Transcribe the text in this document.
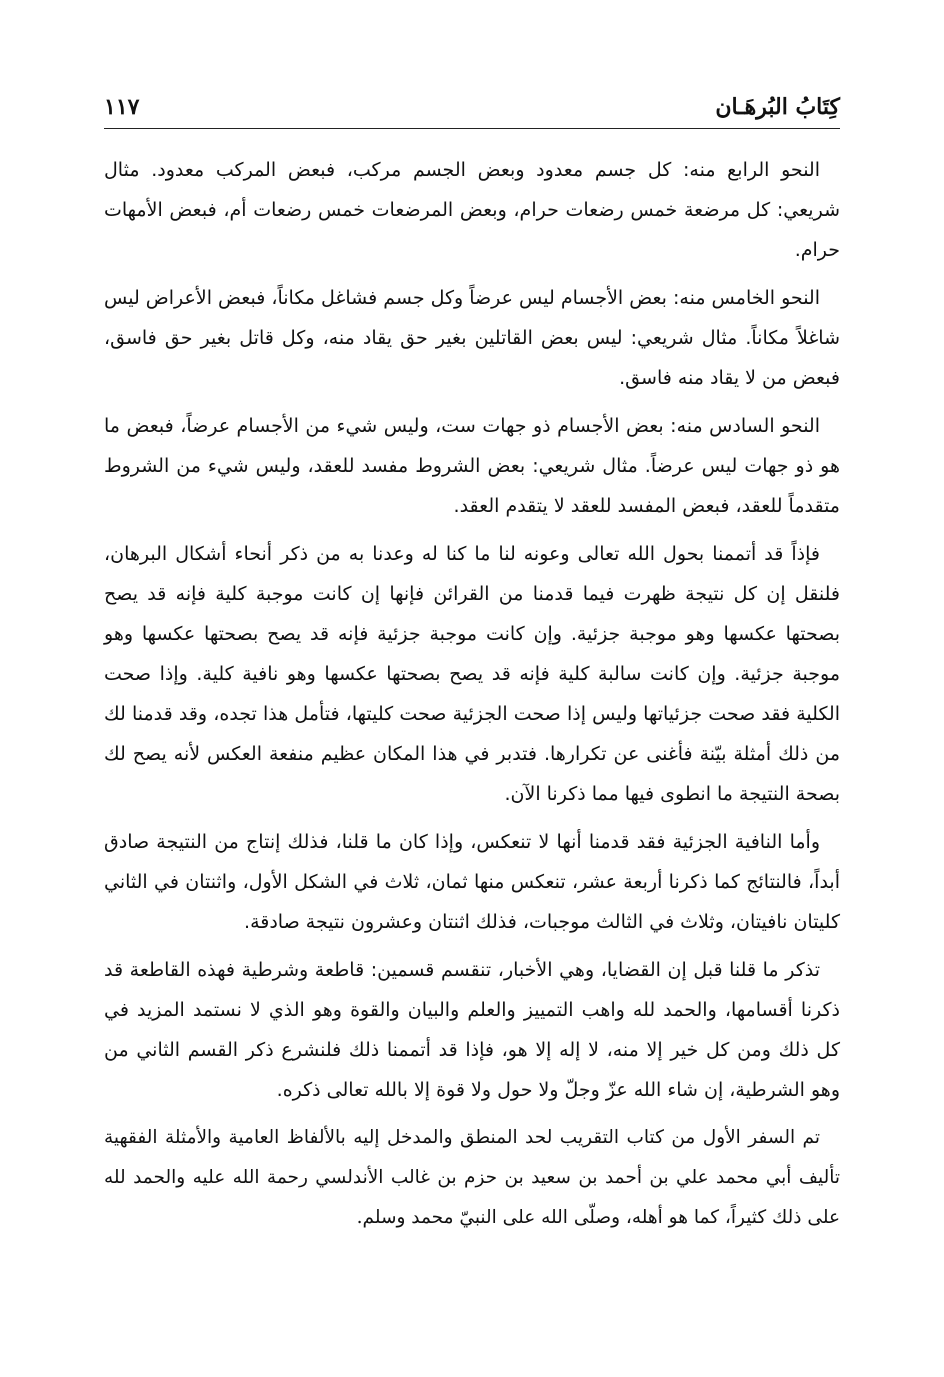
كِتَابُ البُرهَـان
١١٧

النحو الرابع منه: كل جسم معدود وبعض الجسم مركب، فبعض المركب معدود. مثال شريعي: كل مرضعة خمس رضعات حرام، وبعض المرضعات خمس رضعات أم، فبعض الأمهات حرام.

النحو الخامس منه: بعض الأجسام ليس عرضاً وكل جسم فشاغل مكاناً، فبعض الأعراض ليس شاغلاً مكاناً. مثال شريعي: ليس بعض القاتلين بغير حق يقاد منه، وكل قاتل بغير حق فاسق، فبعض من لا يقاد منه فاسق.

النحو السادس منه: بعض الأجسام ذو جهات ست، وليس شيء من الأجسام عرضاً، فبعض ما هو ذو جهات ليس عرضاً. مثال شريعي: بعض الشروط مفسد للعقد، وليس شيء من الشروط متقدماً للعقد، فبعض المفسد للعقد لا يتقدم العقد.

فإذاً قد أتممنا بحول الله تعالى وعونه لنا ما كنا له وعدنا به من ذكر أنحاء أشكال البرهان، فلنقل إن كل نتيجة ظهرت فيما قدمنا من القرائن فإنها إن كانت موجبة كلية فإنه قد يصح بصحتها عكسها وهو موجبة جزئية. وإن كانت موجبة جزئية فإنه قد يصح بصحتها عكسها وهو موجبة جزئية. وإن كانت سالبة كلية فإنه قد يصح بصحتها عكسها وهو نافية كلية. وإذا صحت الكلية فقد صحت جزئياتها وليس إذا صحت الجزئية صحت كليتها، فتأمل هذا تجده، وقد قدمنا لك من ذلك أمثلة بيّنة فأغنى عن تكرارها. فتدبر في هذا المكان عظيم منفعة العكس لأنه يصح لك بصحة النتيجة ما انطوى فيها مما ذكرنا الآن.

وأما النافية الجزئية فقد قدمنا أنها لا تنعكس، وإذا كان ما قلنا، فذلك إنتاج من النتيجة صادق أبداً، فالنتائج كما ذكرنا أربعة عشر، تنعكس منها ثمان، ثلاث في الشكل الأول، واثنتان في الثاني كليتان نافيتان، وثلاث في الثالث موجبات، فذلك اثنتان وعشرون نتيجة صادقة.

تذكر ما قلنا قبل إن القضايا، وهي الأخبار، تنقسم قسمين: قاطعة وشرطية فهذه القاطعة قد ذكرنا أقسامها، والحمد لله واهب التمييز والعلم والبيان والقوة وهو الذي لا نستمد المزيد في كل ذلك ومن كل خير إلا منه، لا إله إلا هو، فإذا قد أتممنا ذلك فلنشرع ذكر القسم الثاني من وهو الشرطية، إن شاء الله عزّ وجلّ ولا حول ولا قوة إلا بالله تعالى ذكره.

تم السفر الأول من كتاب التقريب لحد المنطق والمدخل إليه بالألفاظ العامية والأمثلة الفقهية تأليف أبي محمد علي بن أحمد بن سعيد بن حزم بن غالب الأندلسي رحمة الله عليه والحمد لله على ذلك كثيراً، كما هو أهله، وصلّى الله على النبيّ محمد وسلم.
